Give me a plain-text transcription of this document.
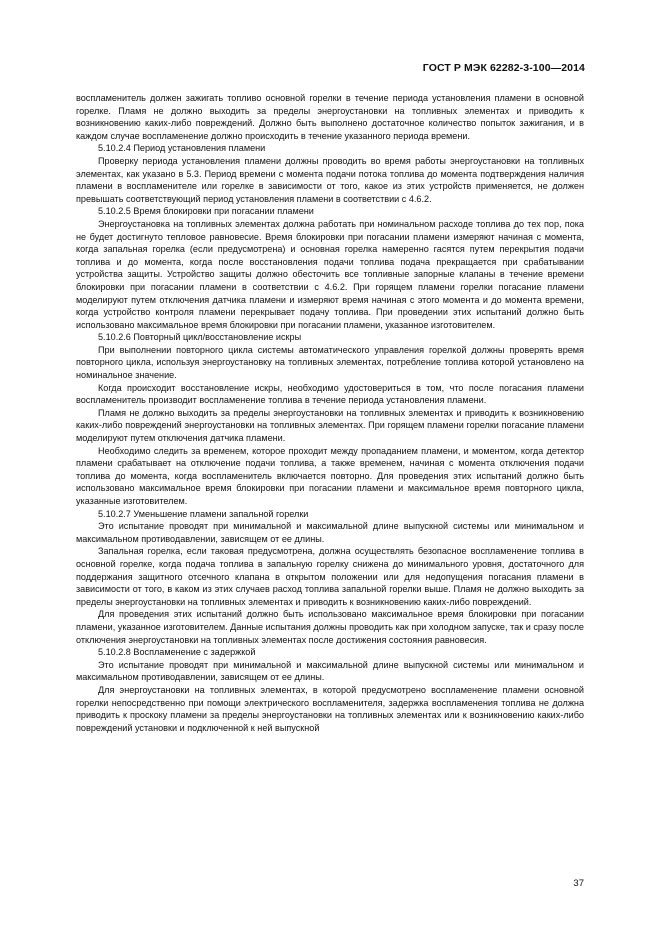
ГОСТ Р МЭК 62282-3-100—2014

воспламенитель должен зажигать топливо основной горелки в течение периода установления пламени в основной горелке. Пламя не должно выходить за пределы энергоустановки на топливных элементах и приводить к возникновению каких-либо повреждений. Должно быть выполнено достаточное количество попыток зажигания, и в каждом случае воспламенение должно происходить в течение указанного периода времени.

5.10.2.4 Период установления пламени

Проверку периода установления пламени должны проводить во время работы энергоустановки на топливных элементах, как указано в 5.3. Период времени с момента подачи потока топлива до момента подтверждения наличия пламени в воспламенителе или горелке в зависимости от того, какое из этих устройств применяется, не должен превышать соответствующий период установления пламени в соответствии с 4.6.2.

5.10.2.5 Время блокировки при погасании пламени

Энергоустановка на топливных элементах должна работать при номинальном расходе топлива до тех пор, пока не будет достигнуто тепловое равновесие. Время блокировки при погасании пламени измеряют начиная с момента, когда запальная горелка (если предусмотрена) и основная горелка намеренно гасятся путем перекрытия подачи топлива и до момента, когда после восстановления подачи топлива подача прекращается при срабатывании устройства защиты. Устройство защиты должно обесточить все топливные запорные клапаны в течение времени блокировки при погасании пламени в соответствии с 4.6.2. При горящем пламени горелки погасание пламени моделируют путем отключения датчика пламени и измеряют время начиная с этого момента и до момента времени, когда устройство контроля пламени перекрывает подачу топлива. При проведении этих испытаний должно быть использовано максимальное время блокировки при погасании пламени, указанное изготовителем.

5.10.2.6 Повторный цикл/восстановление искры

При выполнении повторного цикла системы автоматического управления горелкой должны проверять время повторного цикла, используя энергоустановку на топливных элементах, потребление топлива которой установлено на номинальное значение.

Когда происходит восстановление искры, необходимо удостовериться в том, что после погасания пламени воспламенитель производит воспламенение топлива в течение периода установления пламени.

Пламя не должно выходить за пределы энергоустановки на топливных элементах и приводить к возникновению каких-либо повреждений энергоустановки на топливных элементах. При горящем пламени горелки погасание пламени моделируют путем отключения датчика пламени.

Необходимо следить за временем, которое проходит между пропаданием пламени, и моментом, когда детектор пламени срабатывает на отключение подачи топлива, а также временем, начиная с момента отключения подачи топлива до момента, когда воспламенитель включается повторно. Для проведения этих испытаний должно быть использовано максимальное время блокировки при погасании пламени и максимальное время повторного цикла, указанные изготовителем.

5.10.2.7 Уменьшение пламени запальной горелки

Это испытание проводят при минимальной и максимальной длине выпускной системы или минимальном и максимальном противодавлении, зависящем от ее длины.

Запальная горелка, если таковая предусмотрена, должна осуществлять безопасное воспламенение топлива в основной горелке, когда подача топлива в запальную горелку снижена до минимального уровня, достаточного для поддержания защитного отсечного клапана в открытом положении или для недопущения погасания пламени в зависимости от того, в каком из этих случаев расход топлива запальной горелки выше. Пламя не должно выходить за пределы энергоустановки на топливных элементах и приводить к возникновению каких-либо повреждений.

Для проведения этих испытаний должно быть использовано максимальное время блокировки при погасании пламени, указанное изготовителем. Данные испытания должны проводить как при холодном запуске, так и сразу после отключения энергоустановки на топливных элементах после достижения состояния равновесия.

5.10.2.8 Воспламенение с задержкой

Это испытание проводят при минимальной и максимальной длине выпускной системы или минимальном и максимальном противодавлении, зависящем от ее длины.

Для энергоустановки на топливных элементах, в которой предусмотрено воспламенение пламени основной горелки непосредственно при помощи электрического воспламенителя, задержка воспламенения топлива не должна приводить к проскоку пламени за пределы энергоустановки на топливных элементах или к возникновению каких-либо повреждений установки и подключенной к ней выпускной

37
